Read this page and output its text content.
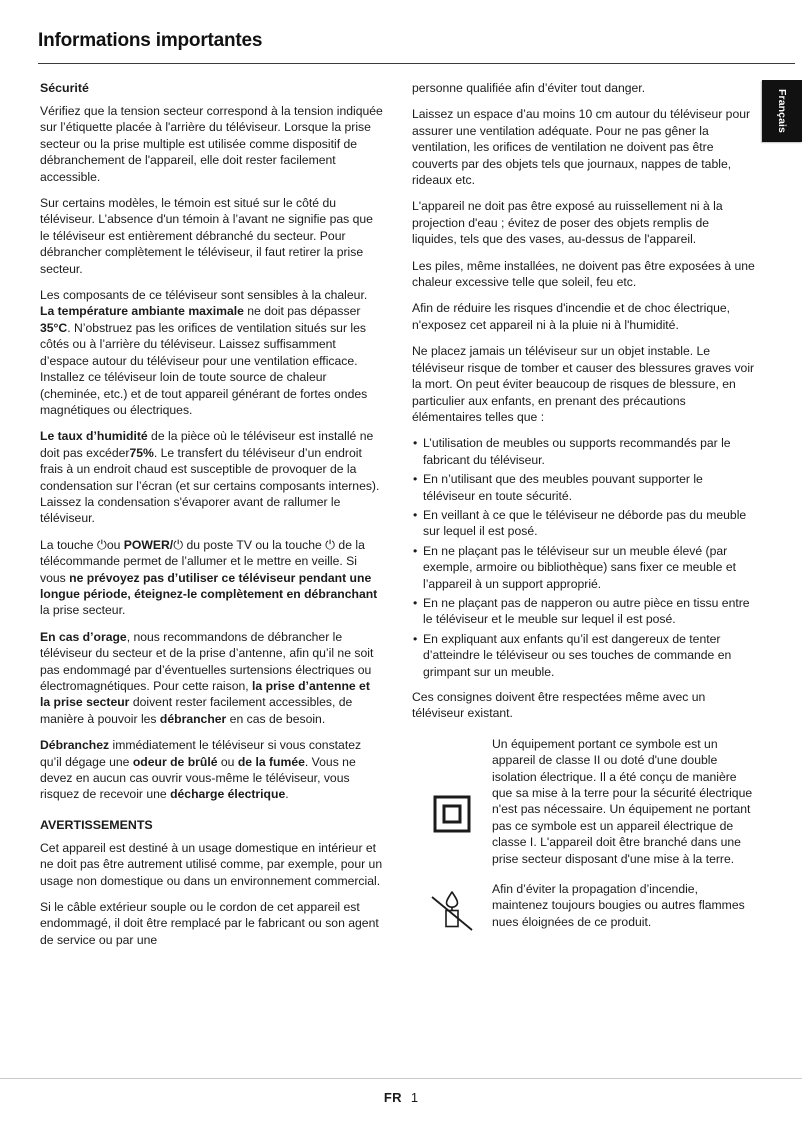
Informations importantes
Français
Sécurité

Vérifiez que la tension secteur correspond à la tension indiquée sur l’étiquette placée à l'arrière du téléviseur. Lorsque la prise secteur ou la prise multiple est utilisée comme dispositif de débranchement de l'appareil, elle doit rester facilement accessible.

Sur certains modèles, le témoin est situé sur le côté du téléviseur. L’absence d'un témoin à l’avant ne signifie pas que le téléviseur est entièrement débranché du secteur. Pour débrancher complètement le téléviseur, il faut retirer la prise secteur.

Les composants de ce téléviseur sont sensibles à la chaleur. La température ambiante maximale ne doit pas dépasser 35°C. N’obstruez pas les orifices de ventilation situés sur les côtés ou à l’arrière du téléviseur. Laissez suffisamment d’espace autour du téléviseur pour une ventilation efficace. Installez ce téléviseur loin de toute source de chaleur (cheminée, etc.) et de tout appareil générant de fortes ondes magnétiques ou électriques.

Le taux d’humidité de la pièce où le téléviseur est installé ne doit pas excéder75%. Le transfert du téléviseur d’un endroit frais à un endroit chaud est susceptible de provoquer de la condensation sur l’écran (et sur certains composants internes). Laissez la condensation s'évaporer avant de rallumer le téléviseur.

La touche ⏻ou POWER/⏻ du poste TV ou la touche ⏻ de la télécommande permet de l’allumer et le mettre en veille. Si vous ne prévoyez pas d’utiliser ce téléviseur pendant une longue période, éteignez-le complètement en débranchant la prise secteur.

En cas d’orage, nous recommandons de débrancher le téléviseur du secteur et de la prise d’antenne, afin qu’il ne soit pas endommagé par d’éventuelles surtensions électriques ou électromagnétiques. Pour cette raison, la prise d’antenne et la prise secteur doivent rester facilement accessibles, de manière à pouvoir les débrancher en cas de besoin.

Débranchez immédiatement le téléviseur si vous constatez qu’il dégage une odeur de brûlé ou de la fumée. Vous ne devez en aucun cas ouvrir vous-même le téléviseur, vous risquez de recevoir une décharge électrique.

AVERTISSEMENTS

Cet appareil est destiné à un usage domestique en intérieur et ne doit pas être autrement utilisé comme, par exemple, pour un usage non domestique ou dans un environnement commercial.

Si le câble extérieur souple ou le cordon de cet appareil est endommagé, il doit être remplacé par le fabricant ou son agent de service ou par une

personne qualifiée afin d’éviter tout danger.

Laissez un espace d’au moins 10 cm autour du téléviseur pour assurer une ventilation adéquate. Pour ne pas gêner la ventilation, les orifices de ventilation ne doivent pas être couverts par des objets tels que journaux, nappes de table, rideaux etc.

L'appareil ne doit pas être exposé au ruissellement ni à la projection d'eau ; évitez de poser des objets remplis de liquides, tels que des vases, au-dessus de l'appareil.

Les piles, même installées, ne doivent pas être exposées à une chaleur excessive telle que soleil, feu etc.

Afin de réduire les risques d'incendie et de choc électrique, n'exposez cet appareil ni à la pluie ni à l'humidité.

Ne placez jamais un téléviseur sur un objet instable. Le téléviseur risque de tomber et causer des blessures graves voir la mort. On peut éviter beaucoup de risques de blessure, en particulier aux enfants, en prenant des précautions élémentaires telles que :

• L’utilisation de meubles ou supports recommandés par le fabricant du téléviseur.
• En n’utilisant que des meubles pouvant supporter le téléviseur en toute sécurité.
• En veillant à ce que le téléviseur ne déborde pas du meuble sur lequel il est posé.
• En ne plaçant pas le téléviseur sur un meuble élevé (par exemple, armoire ou bibliothèque) sans fixer ce meuble et l’appareil à un support approprié.
• En ne plaçant pas de napperon ou autre pièce en tissu entre le téléviseur et le meuble sur lequel il est posé.
• En expliquant aux enfants qu’il est dangereux de tenter d’atteindre le téléviseur ou ses touches de commande en grimpant sur un meuble.

Ces consignes doivent être respectées même avec un téléviseur existant.

Un équipement portant ce symbole est un appareil de classe II ou doté d'une double isolation électrique. Il a été conçu de manière que sa mise à la terre pour la sécurité électrique n'est pas nécessaire. Un équipement ne portant pas ce symbole est un appareil électrique de classe I. L'appareil doit être branché dans une prise secteur disposant d'une mise à la terre.
Afin d’éviter la propagation d’incendie, maintenez toujours bougies ou autres flammes nues éloignées de ce produit.
FR 1
